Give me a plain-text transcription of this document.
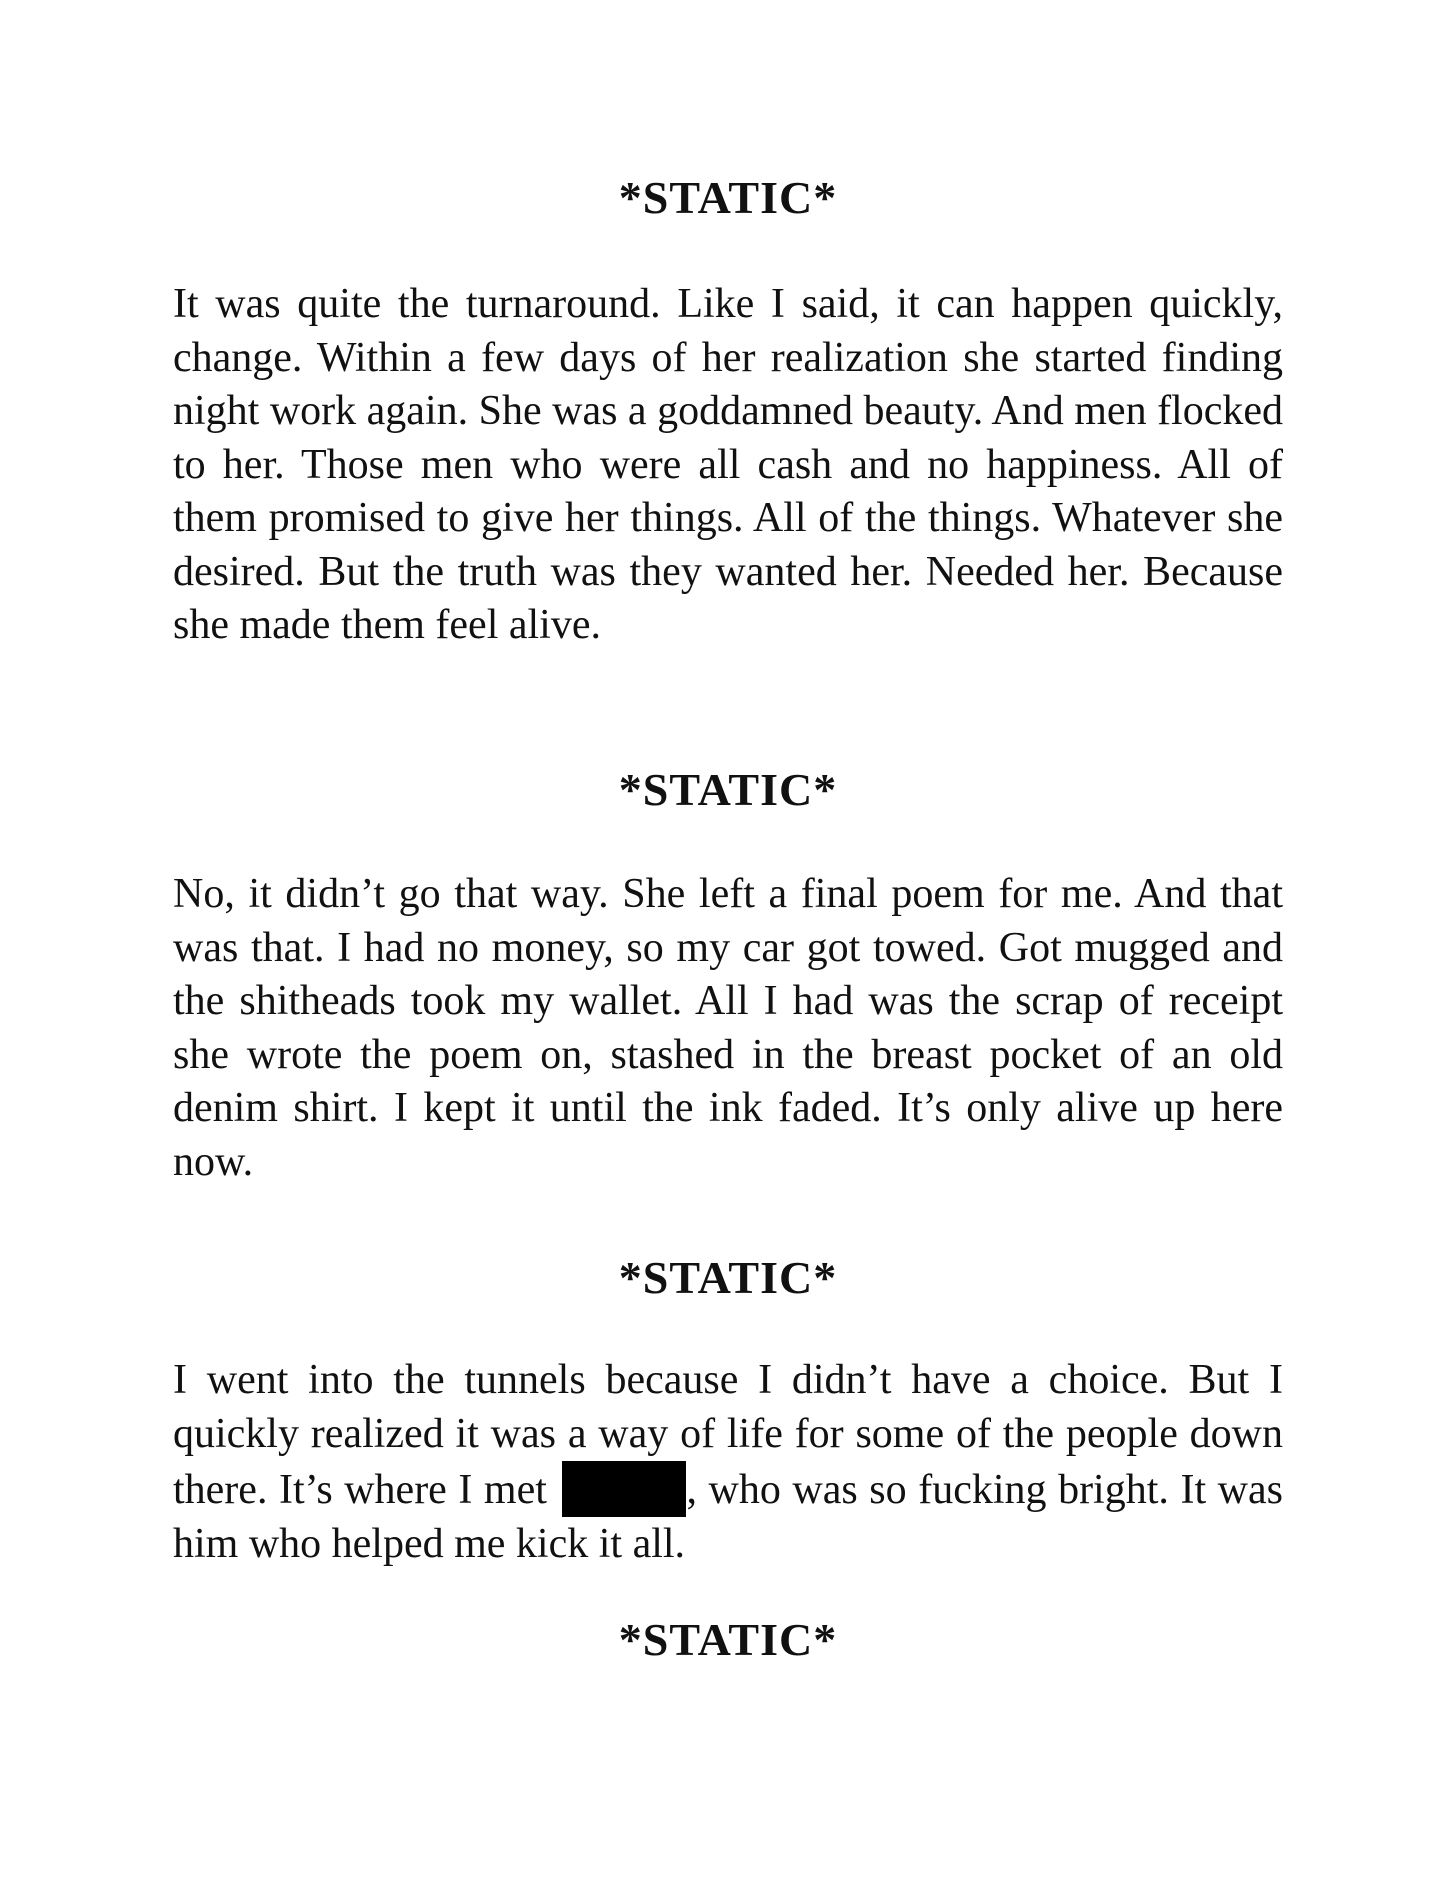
*STATIC*

It was quite the turnaround. Like I said, it can happen quickly, change. Within a few days of her realization she started finding night work again. She was a goddamned beauty. And men flocked to her. Those men who were all cash and no happiness. All of them promised to give her things. All of the things. Whatever she desired. But the truth was they wanted her. Needed her. Because she made them feel alive.

*STATIC*

No, it didn’t go that way. She left a final poem for me. And that was that. I had no money, so my car got towed. Got mugged and the shitheads took my wallet. All I had was the scrap of receipt she wrote the poem on, stashed in the breast pocket of an old denim shirt. I kept it until the ink faded. It’s only alive up here now.

*STATIC*

I went into the tunnels because I didn’t have a choice. But I quickly realized it was a way of life for some of the people down there. It’s where I met	, who was so fucking bright. It was him who helped me kick it all.

*STATIC*
